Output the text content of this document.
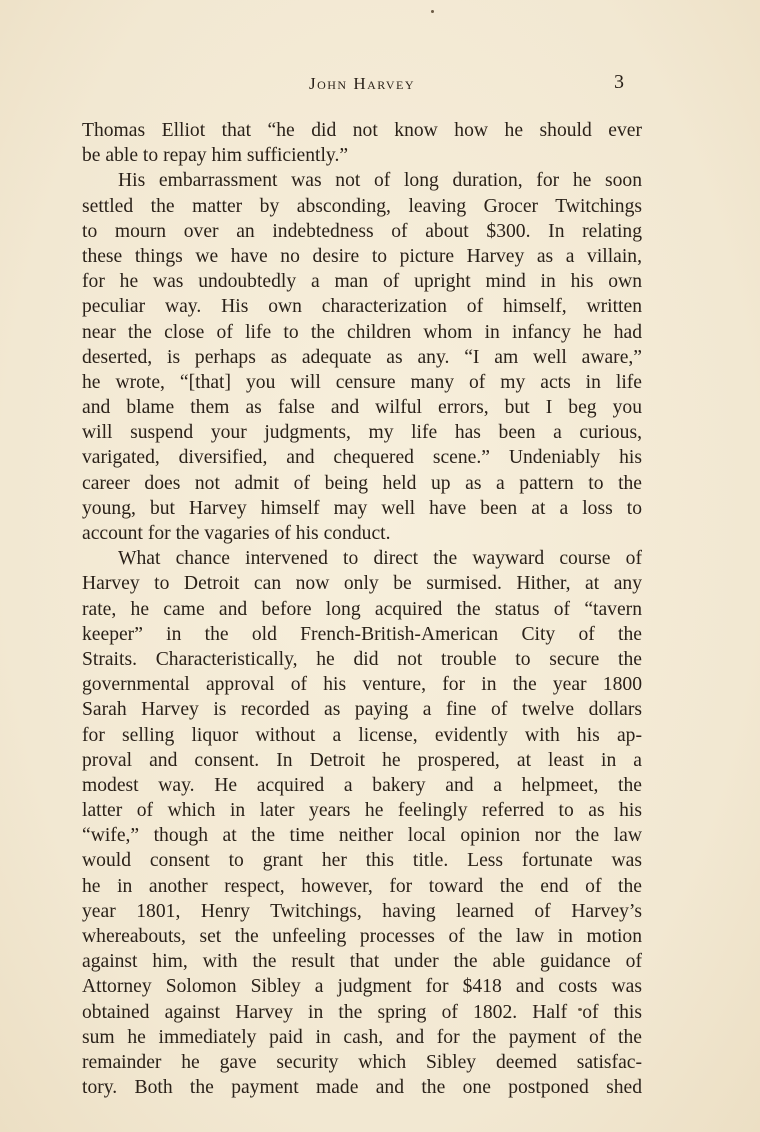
John Harvey	3
Thomas Elliot that “he did not know how he should ever
be able to repay him sufficiently.”
His embarrassment was not of long duration, for he soon
settled the matter by absconding, leaving Grocer Twitchings
to mourn over an indebtedness of about $300. In relating
these things we have no desire to picture Harvey as a villain,
for he was undoubtedly a man of upright mind in his own
peculiar way. His own characterization of himself, written
near the close of life to the children whom in infancy he had
deserted, is perhaps as adequate as any. “I am well aware,”
he wrote, “[that] you will censure many of my acts in life
and blame them as false and wilful errors, but I beg you
will suspend your judgments, my life has been a curious,
varigated, diversified, and chequered scene.” Undeniably his
career does not admit of being held up as a pattern to the
young, but Harvey himself may well have been at a loss to
account for the vagaries of his conduct.
What chance intervened to direct the wayward course of
Harvey to Detroit can now only be surmised. Hither, at any
rate, he came and before long acquired the status of “tavern
keeper” in the old French-British-American City of the
Straits. Characteristically, he did not trouble to secure the
governmental approval of his venture, for in the year 1800
Sarah Harvey is recorded as paying a fine of twelve dollars
for selling liquor without a license, evidently with his ap-
proval and consent. In Detroit he prospered, at least in a
modest way. He acquired a bakery and a helpmeet, the
latter of which in later years he feelingly referred to as his
“wife,” though at the time neither local opinion nor the law
would consent to grant her this title. Less fortunate was
he in another respect, however, for toward the end of the
year 1801, Henry Twitchings, having learned of Harvey’s
whereabouts, set the unfeeling processes of the law in motion
against him, with the result that under the able guidance of
Attorney Solomon Sibley a judgment for $418 and costs was
obtained against Harvey in the spring of 1802. Half of this
sum he immediately paid in cash, and for the payment of the
remainder he gave security which Sibley deemed satisfac-
tory. Both the payment made and the one postponed shed
